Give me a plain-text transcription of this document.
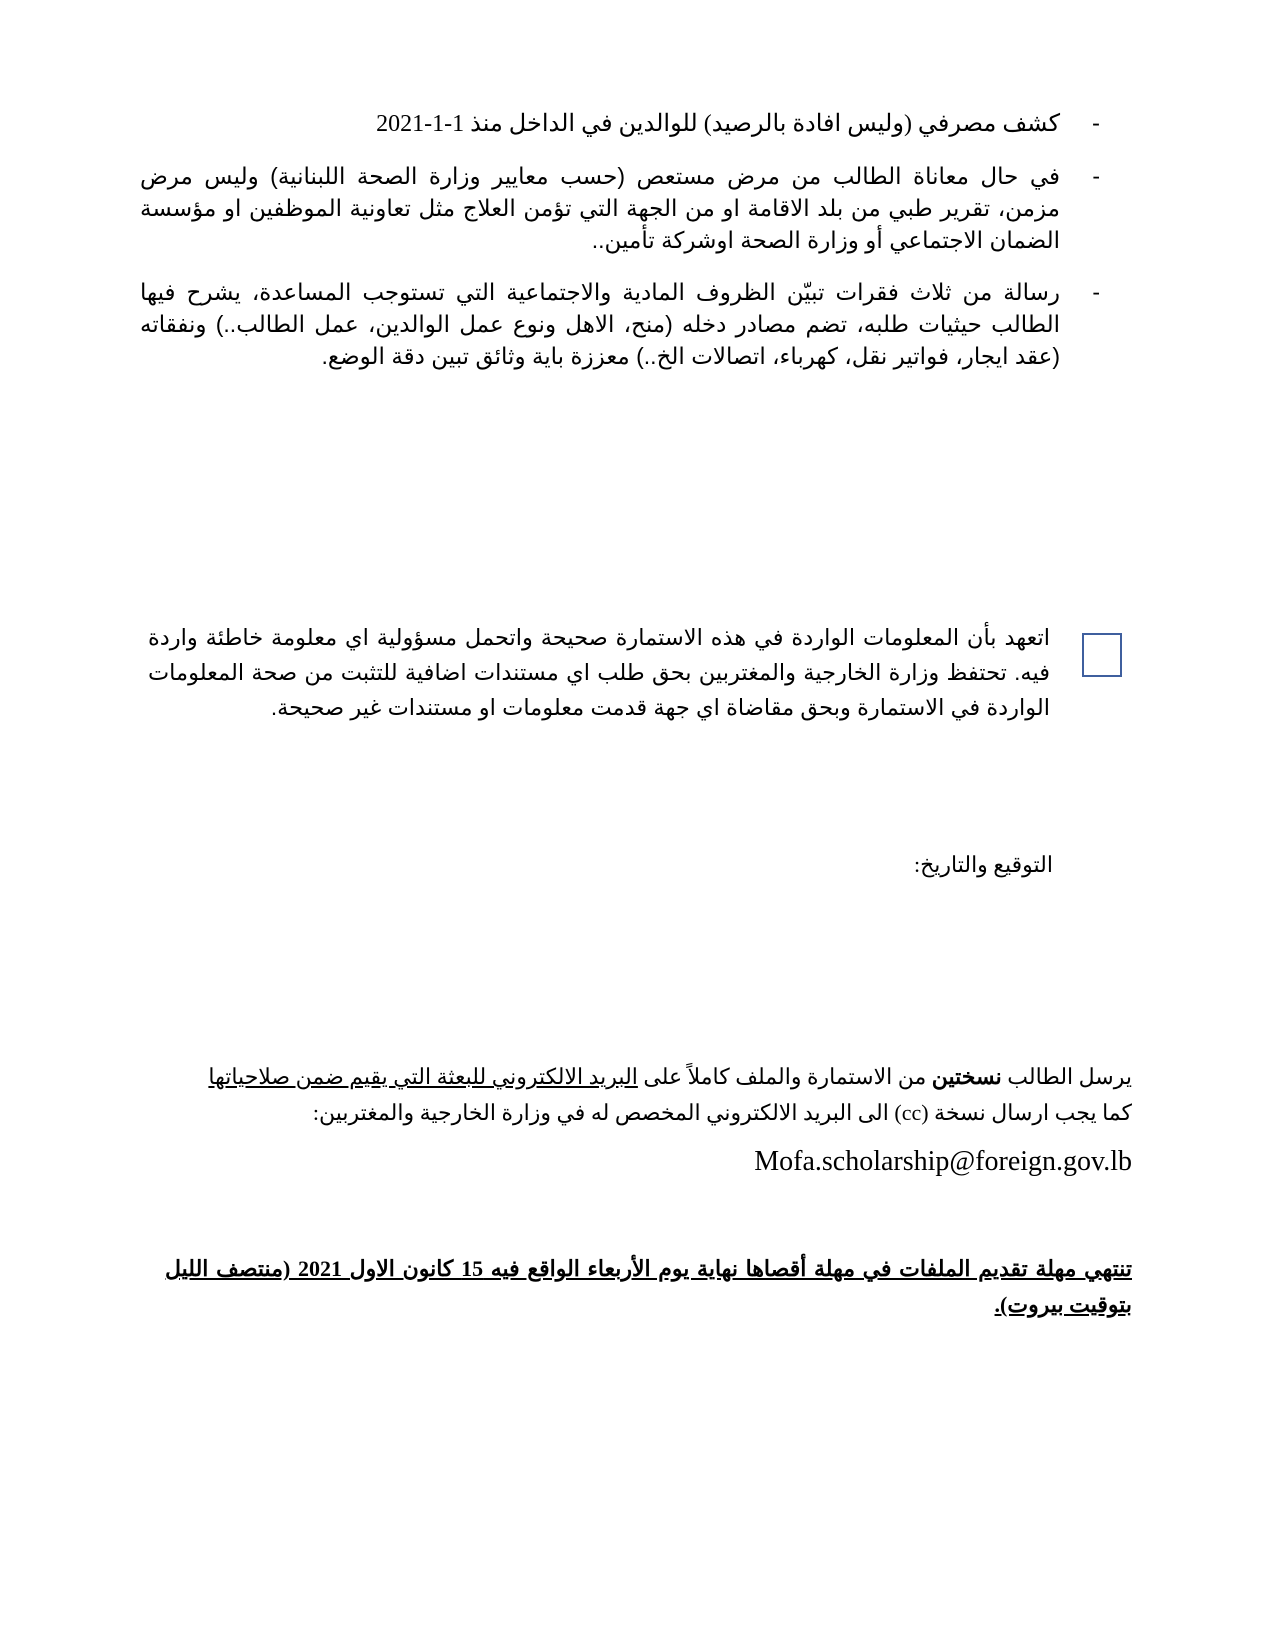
-
كشف مصرفي (وليس افادة بالرصيد) للوالدين في الداخل منذ 1-1-2021
-
في حال معاناة الطالب من مرض مستعص (حسب معايير وزارة الصحة اللبنانية) وليس مرض مزمن، تقرير طبي من بلد الاقامة او من الجهة التي تؤمن العلاج مثل تعاونية الموظفين او مؤسسة الضمان الاجتماعي أو وزارة الصحة اوشركة تأمين..
-
رسالة من ثلاث فقرات تبيّن الظروف المادية والاجتماعية التي تستوجب المساعدة، يشرح فيها الطالب حيثيات طلبه، تضم مصادر دخله (منح، الاهل ونوع عمل الوالدين، عمل الطالب..) ونفقاته (عقد ايجار، فواتير نقل، كهرباء، اتصالات الخ..) معززة باية وثائق تبين دقة الوضع.

اتعهد بأن المعلومات الواردة في هذه الاستمارة صحيحة واتحمل مسؤولية اي معلومة خاطئة واردة فيه. تحتفظ وزارة الخارجية والمغتربين بحق طلب اي مستندات اضافية للتثبت من صحة المعلومات الواردة في الاستمارة وبحق مقاضاة اي جهة قدمت معلومات او مستندات غير صحيحة.

التوقيع والتاريخ:
يرسل الطالب نسختين من الاستمارة والملف كاملاً على البريد الالكتروني للبعثة التي يقيم ضمن صلاحياتها
كما يجب ارسال نسخة (cc) الى البريد الالكتروني المخصص له في وزارة الخارجية والمغتربين:
Mofa.scholarship@foreign.gov.lb

تنتهي مهلة تقديم الملفات في مهلة أقصاها نهاية يوم الأربعاء الواقع فيه 15 كانون الاول 2021 (منتصف الليل بتوقيت بيروت).
